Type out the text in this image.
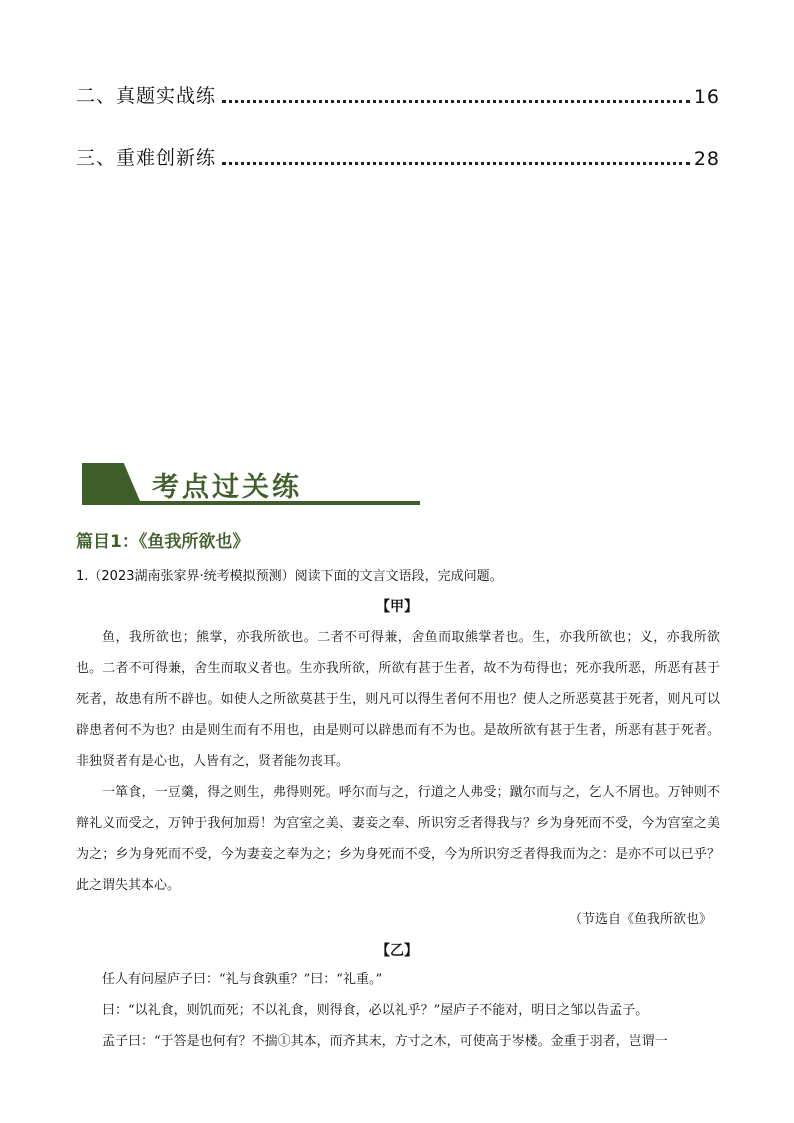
二、真题实战练	16
三、重难创新练	28
考点过关练
篇目1：《鱼我所欲也》
1.（2023湖南张家界·统考模拟预测）阅读下面的文言文语段，完成问题。
【甲】

鱼，我所欲也；熊掌，亦我所欲也。二者不可得兼，舍鱼而取熊掌者也。生，亦我所欲也；义，亦我所欲也。二者不可得兼，舍生而取义者也。生亦我所欲，所欲有甚于生者，故不为苟得也；死亦我所恶，所恶有甚于死者，故患有所不辟也。如使人之所欲莫甚于生，则凡可以得生者何不用也？使人之所恶莫甚于死者，则凡可以辟患者何不为也？由是则生而有不用也，由是则可以辟患而有不为也。是故所欲有甚于生者，所恶有甚于死者。非独贤者有是心也，人皆有之，贤者能勿丧耳。

一箪食，一豆羹，得之则生，弗得则死。呼尔而与之，行道之人弗受；蹴尔而与之，乞人不屑也。万钟则不辩礼义而受之，万钟于我何加焉！为宫室之美、妻妾之奉、所识穷乏者得我与？乡为身死而不受，今为宫室之美为之；乡为身死而不受，今为妻妾之奉为之；乡为身死而不受，今为所识穷乏者得我而为之：是亦不可以已乎？此之谓失其本心。

（节选自《鱼我所欲也》
【乙】

任人有问屋庐子曰：“礼与食孰重？”曰：“礼重。”

曰：“以礼食，则饥而死；不以礼食，则得食，必以礼乎？”屋庐子不能对，明日之邹以告孟子。

孟子曰：“于答是也何有？不揣①其本，而齐其末，方寸之木，可使高于岑楼。金重于羽者，岂谓一
